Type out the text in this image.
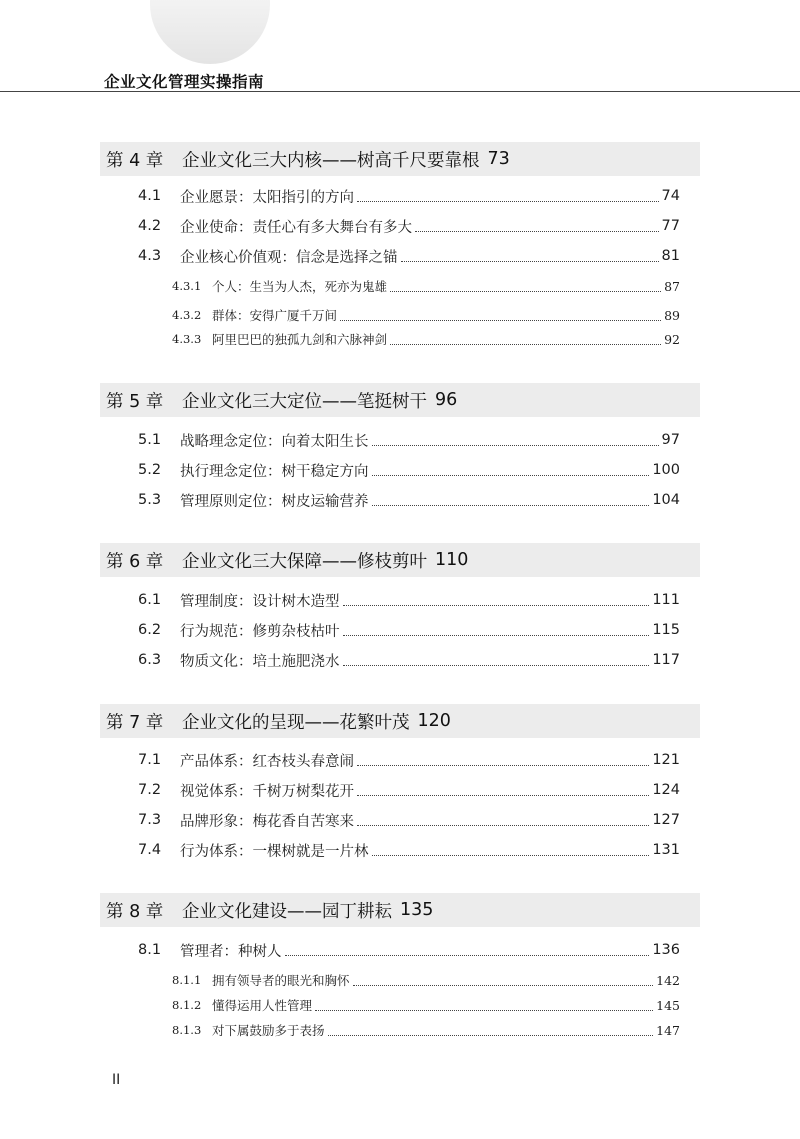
企业文化管理实操指南
第 4 章	企业文化三大内核——树高千尺要靠根 73
4.1	企业愿景：太阳指引的方向	74
4.2	企业使命：责任心有多大舞台有多大	77
4.3	企业核心价值观：信念是选择之锚	81
4.3.1 个人：生当为人杰，死亦为鬼雄	87
4.3.2 群体：安得广厦千万间	89
4.3.3 阿里巴巴的独孤九剑和六脉神剑	92
第 5 章	企业文化三大定位——笔挺树干 96
5.1	战略理念定位：向着太阳生长	97
5.2	执行理念定位：树干稳定方向	100
5.3	管理原则定位：树皮运输营养	104
第 6 章	企业文化三大保障——修枝剪叶 110
6.1	管理制度：设计树木造型	111
6.2	行为规范：修剪杂枝枯叶	115
6.3	物质文化：培土施肥浇水	117
第 7 章	企业文化的呈现——花繁叶茂 120
7.1	产品体系：红杏枝头春意闹	121
7.2	视觉体系：千树万树梨花开	124
7.3	品牌形象：梅花香自苦寒来	127
7.4	行为体系：一棵树就是一片林	131
第 8 章	企业文化建设——园丁耕耘 135
8.1	管理者：种树人	136
8.1.1 拥有领导者的眼光和胸怀	142
8.1.2 懂得运用人性管理	145
8.1.3 对下属鼓励多于表扬	147
II
